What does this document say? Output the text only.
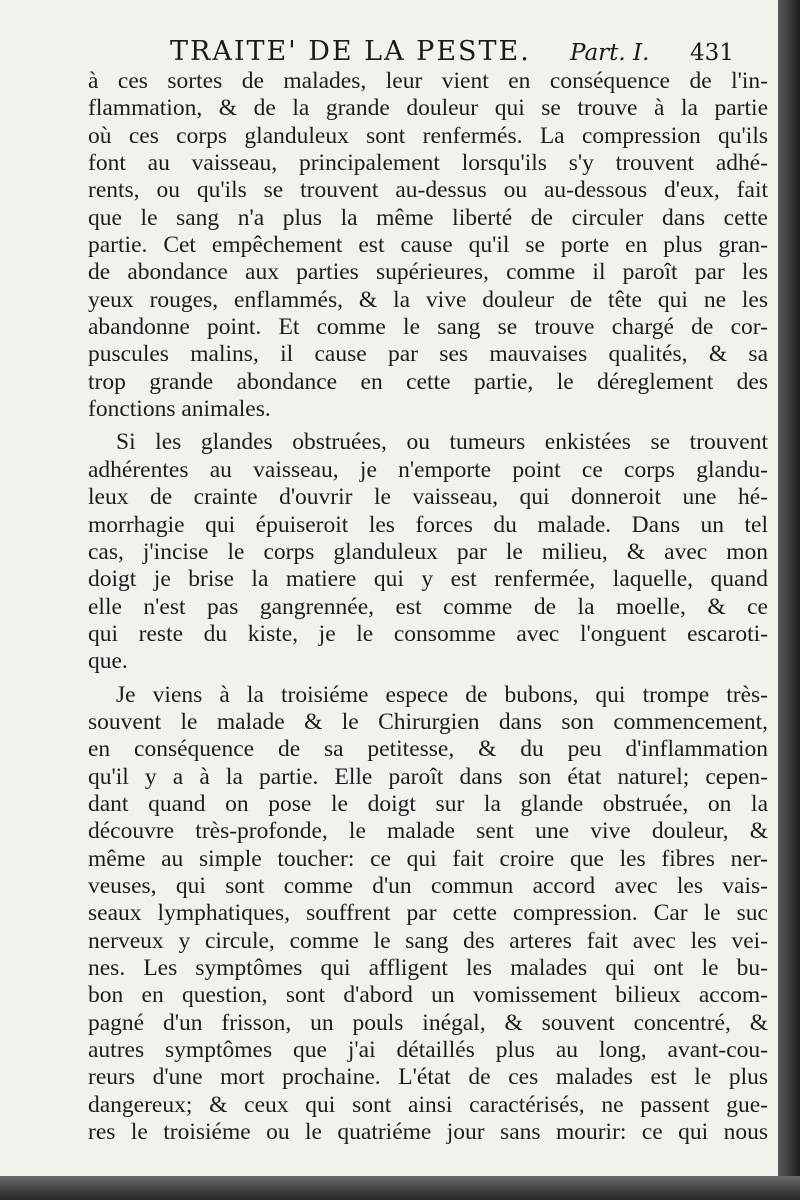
TRAITE' DE LA PESTE. Part. I. 431
à ces sortes de malades, leur vient en conséquence de l'in-
flammation, & de la grande douleur qui se trouve à la partie
où ces corps glanduleux sont renfermés. La compression qu'ils
font au vaisseau, principalement lorsqu'ils s'y trouvent adhé-
rents, ou qu'ils se trouvent au-dessus ou au-dessous d'eux, fait
que le sang n'a plus la même liberté de circuler dans cette
partie. Cet empêchement est cause qu'il se porte en plus gran-
de abondance aux parties supérieures, comme il paroît par les
yeux rouges, enflammés, & la vive douleur de tête qui ne les
abandonne point. Et comme le sang se trouve chargé de cor-
puscules malins, il cause par ses mauvaises qualités, & sa
trop grande abondance en cette partie, le déreglement des
fonctions animales.
Si les glandes obstruées, ou tumeurs enkistées se trouvent
adhérentes au vaisseau, je n'emporte point ce corps glandu-
leux de crainte d'ouvrir le vaisseau, qui donneroit une hé-
morrhagie qui épuiseroit les forces du malade. Dans un tel
cas, j'incise le corps glanduleux par le milieu, & avec mon
doigt je brise la matiere qui y est renfermée, laquelle, quand
elle n'est pas gangrennée, est comme de la moelle, & ce
qui reste du kiste, je le consomme avec l'onguent escaroti-
que.
Je viens à la troisiéme espece de bubons, qui trompe très-
souvent le malade & le Chirurgien dans son commencement,
en conséquence de sa petitesse, & du peu d'inflammation
qu'il y a à la partie. Elle paroît dans son état naturel; cepen-
dant quand on pose le doigt sur la glande obstruée, on la
découvre très-profonde, le malade sent une vive douleur, &
même au simple toucher: ce qui fait croire que les fibres ner-
veuses, qui sont comme d'un commun accord avec les vais-
seaux lymphatiques, souffrent par cette compression. Car le suc
nerveux y circule, comme le sang des arteres fait avec les vei-
nes. Les symptômes qui affligent les malades qui ont le bu-
bon en question, sont d'abord un vomissement bilieux accom-
pagné d'un frisson, un pouls inégal, & souvent concentré, &
autres symptômes que j'ai détaillés plus au long, avant-cou-
reurs d'une mort prochaine. L'état de ces malades est le plus
dangereux; & ceux qui sont ainsi caractérisés, ne passent gue-
res le troisiéme ou le quatriéme jour sans mourir: ce qui nous
